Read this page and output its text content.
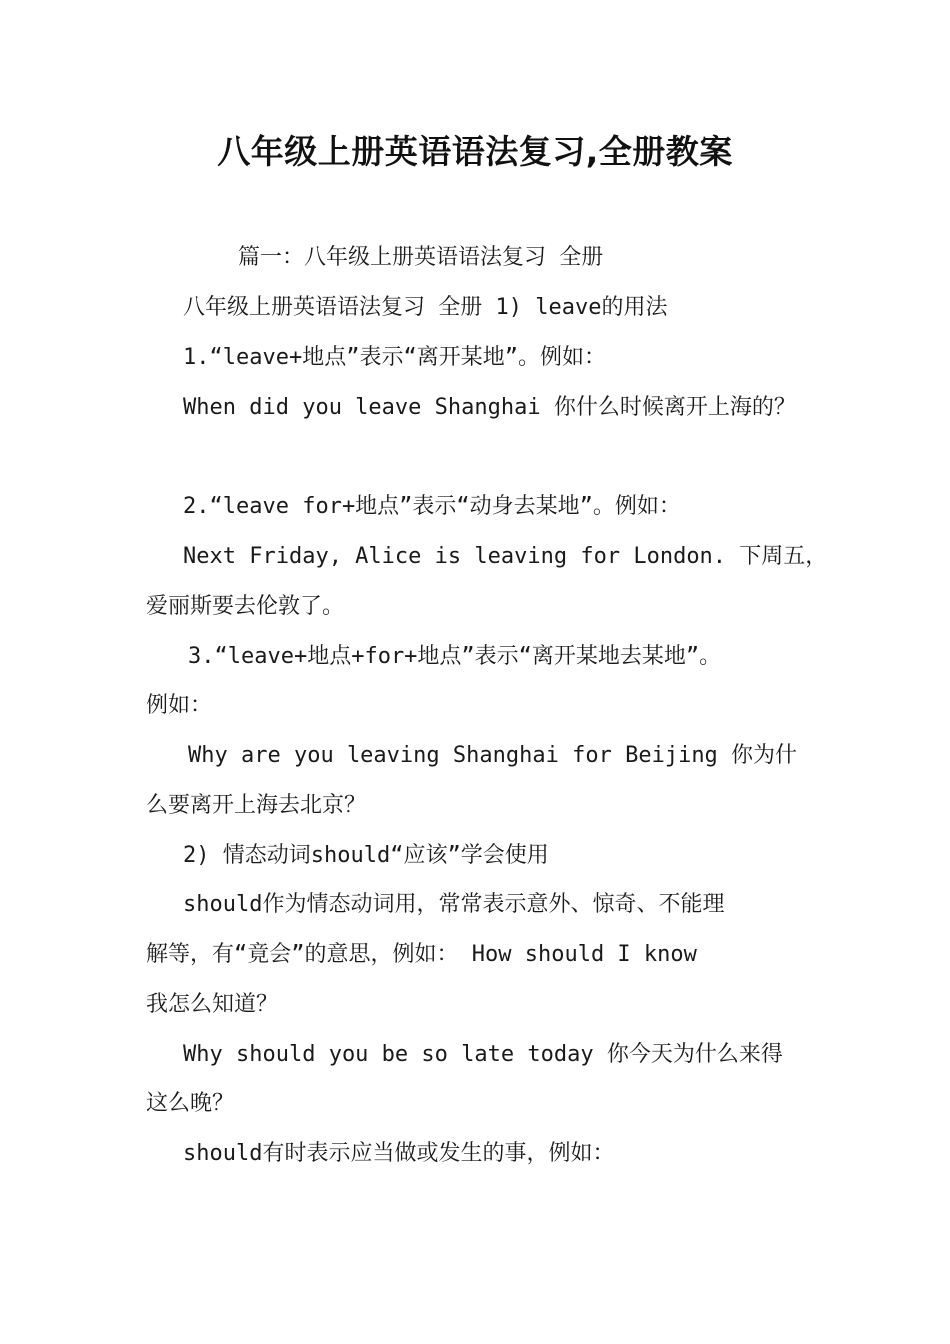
八年级上册英语语法复习,全册教案
篇一：八年级上册英语语法复习 全册
八年级上册英语语法复习 全册 1) leave的用法
1.“leave+地点”表示“离开某地”。例如：
When did you leave Shanghai 你什么时候离开上海的？
2.“leave for+地点”表示“动身去某地”。例如：
Next Friday, Alice is leaving for London. 下周五，
爱丽斯要去伦敦了。
3.“leave+地点+for+地点”表示“离开某地去某地”。
例如：
Why are you leaving Shanghai for Beijing 你为什
么要离开上海去北京？
2) 情态动词should“应该”学会使用
should作为情态动词用，常常表示意外、惊奇、不能理
解等，有“竟会”的意思，例如： How should I know
我怎么知道？
Why should you be so late today 你今天为什么来得
这么晚？
should有时表示应当做或发生的事，例如：
